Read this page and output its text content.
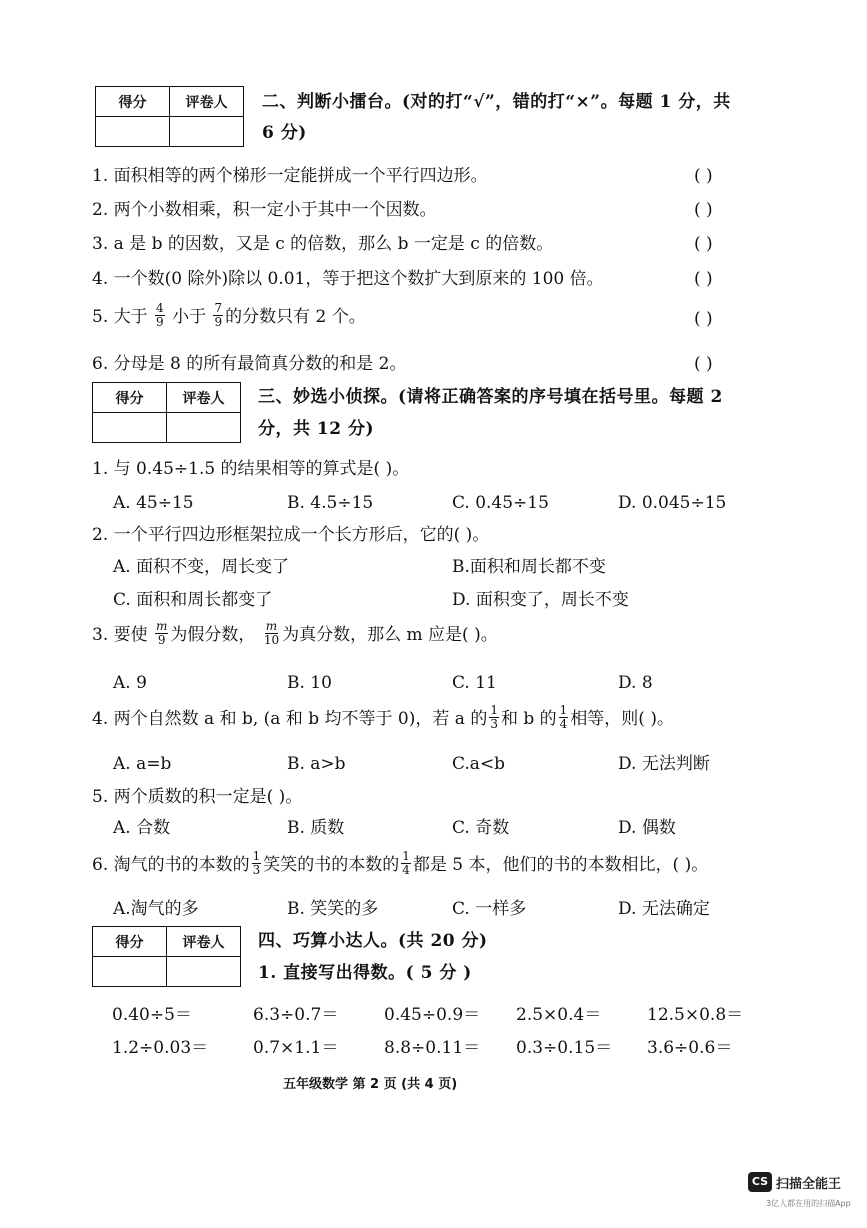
得分	评卷人
	二、判断小擂台。(对的打“√”，错的打“×”。每题 1 分，共
6 分)
1. 面积相等的两个梯形一定能拼成一个平行四边形。	( )
2. 两个小数相乘，积一定小于其中一个因数。	( )
3. a 是 b 的因数，又是 c 的倍数，那么 b 一定是 c 的倍数。	( )
4. 一个数(0 除外)除以 0.01，等于把这个数扩大到原来的 100 倍。	( )
5. 大于 $\frac{4}{9}$ 小于 $\frac{7}{9}$ 的分数只有 2 个。	( )
6. 分母是 8 的所有最简真分数的和是 2。	( )
得分	评卷人
	三、妙选小侦探。(请将正确答案的序号填在括号里。每题 2
分，共 12 分)
1. 与 0.45÷1.5 的结果相等的算式是( )。
A. 45÷15	B. 4.5÷15	C. 0.45÷15	D. 0.045÷15
2. 一个平行四边形框架拉成一个长方形后，它的( )。
A. 面积不变，周长变了	B.面积和周长都不变
C. 面积和周长都变了	D. 面积变了，周长不变
3. 要使 $\frac{m}{9}$ 为假分数， $\frac{m}{10}$ 为真分数，那么 m 应是( )。
A. 9	B. 10	C. 11	D. 8
4. 两个自然数 a 和 b, (a 和 b 均不等于 0)，若 a 的 $\frac{1}{3}$ 和 b 的 $\frac{1}{4}$ 相等，则( )。
A. a=b	B. a>b	C.a<b	D. 无法判断
5. 两个质数的积一定是( )。
A. 合数	B. 质数	C. 奇数	D. 偶数
6. 淘气的书的本数的 $\frac{1}{3}$ 笑笑的书的本数的 $\frac{1}{4}$ 都是 5 本，他们的书的本数相比，( )。
A.淘气的多	B. 笑笑的多	C. 一样多	D. 无法确定
得分	评卷人
	四、巧算小达人。(共 20 分)
1. 直接写出得数。( 5 分 )
0.40÷5＝	6.3÷0.7＝	0.45÷0.9＝ 2.5×0.4＝	12.5×0.8＝
1.2÷0.03＝	0.7×1.1＝	8.8÷0.11＝ 0.3÷0.15＝ 3.6÷0.6＝
五年级数学 第 2 页 (共 4 页)
CS 扫描全能王
3亿人都在用的扫描App
